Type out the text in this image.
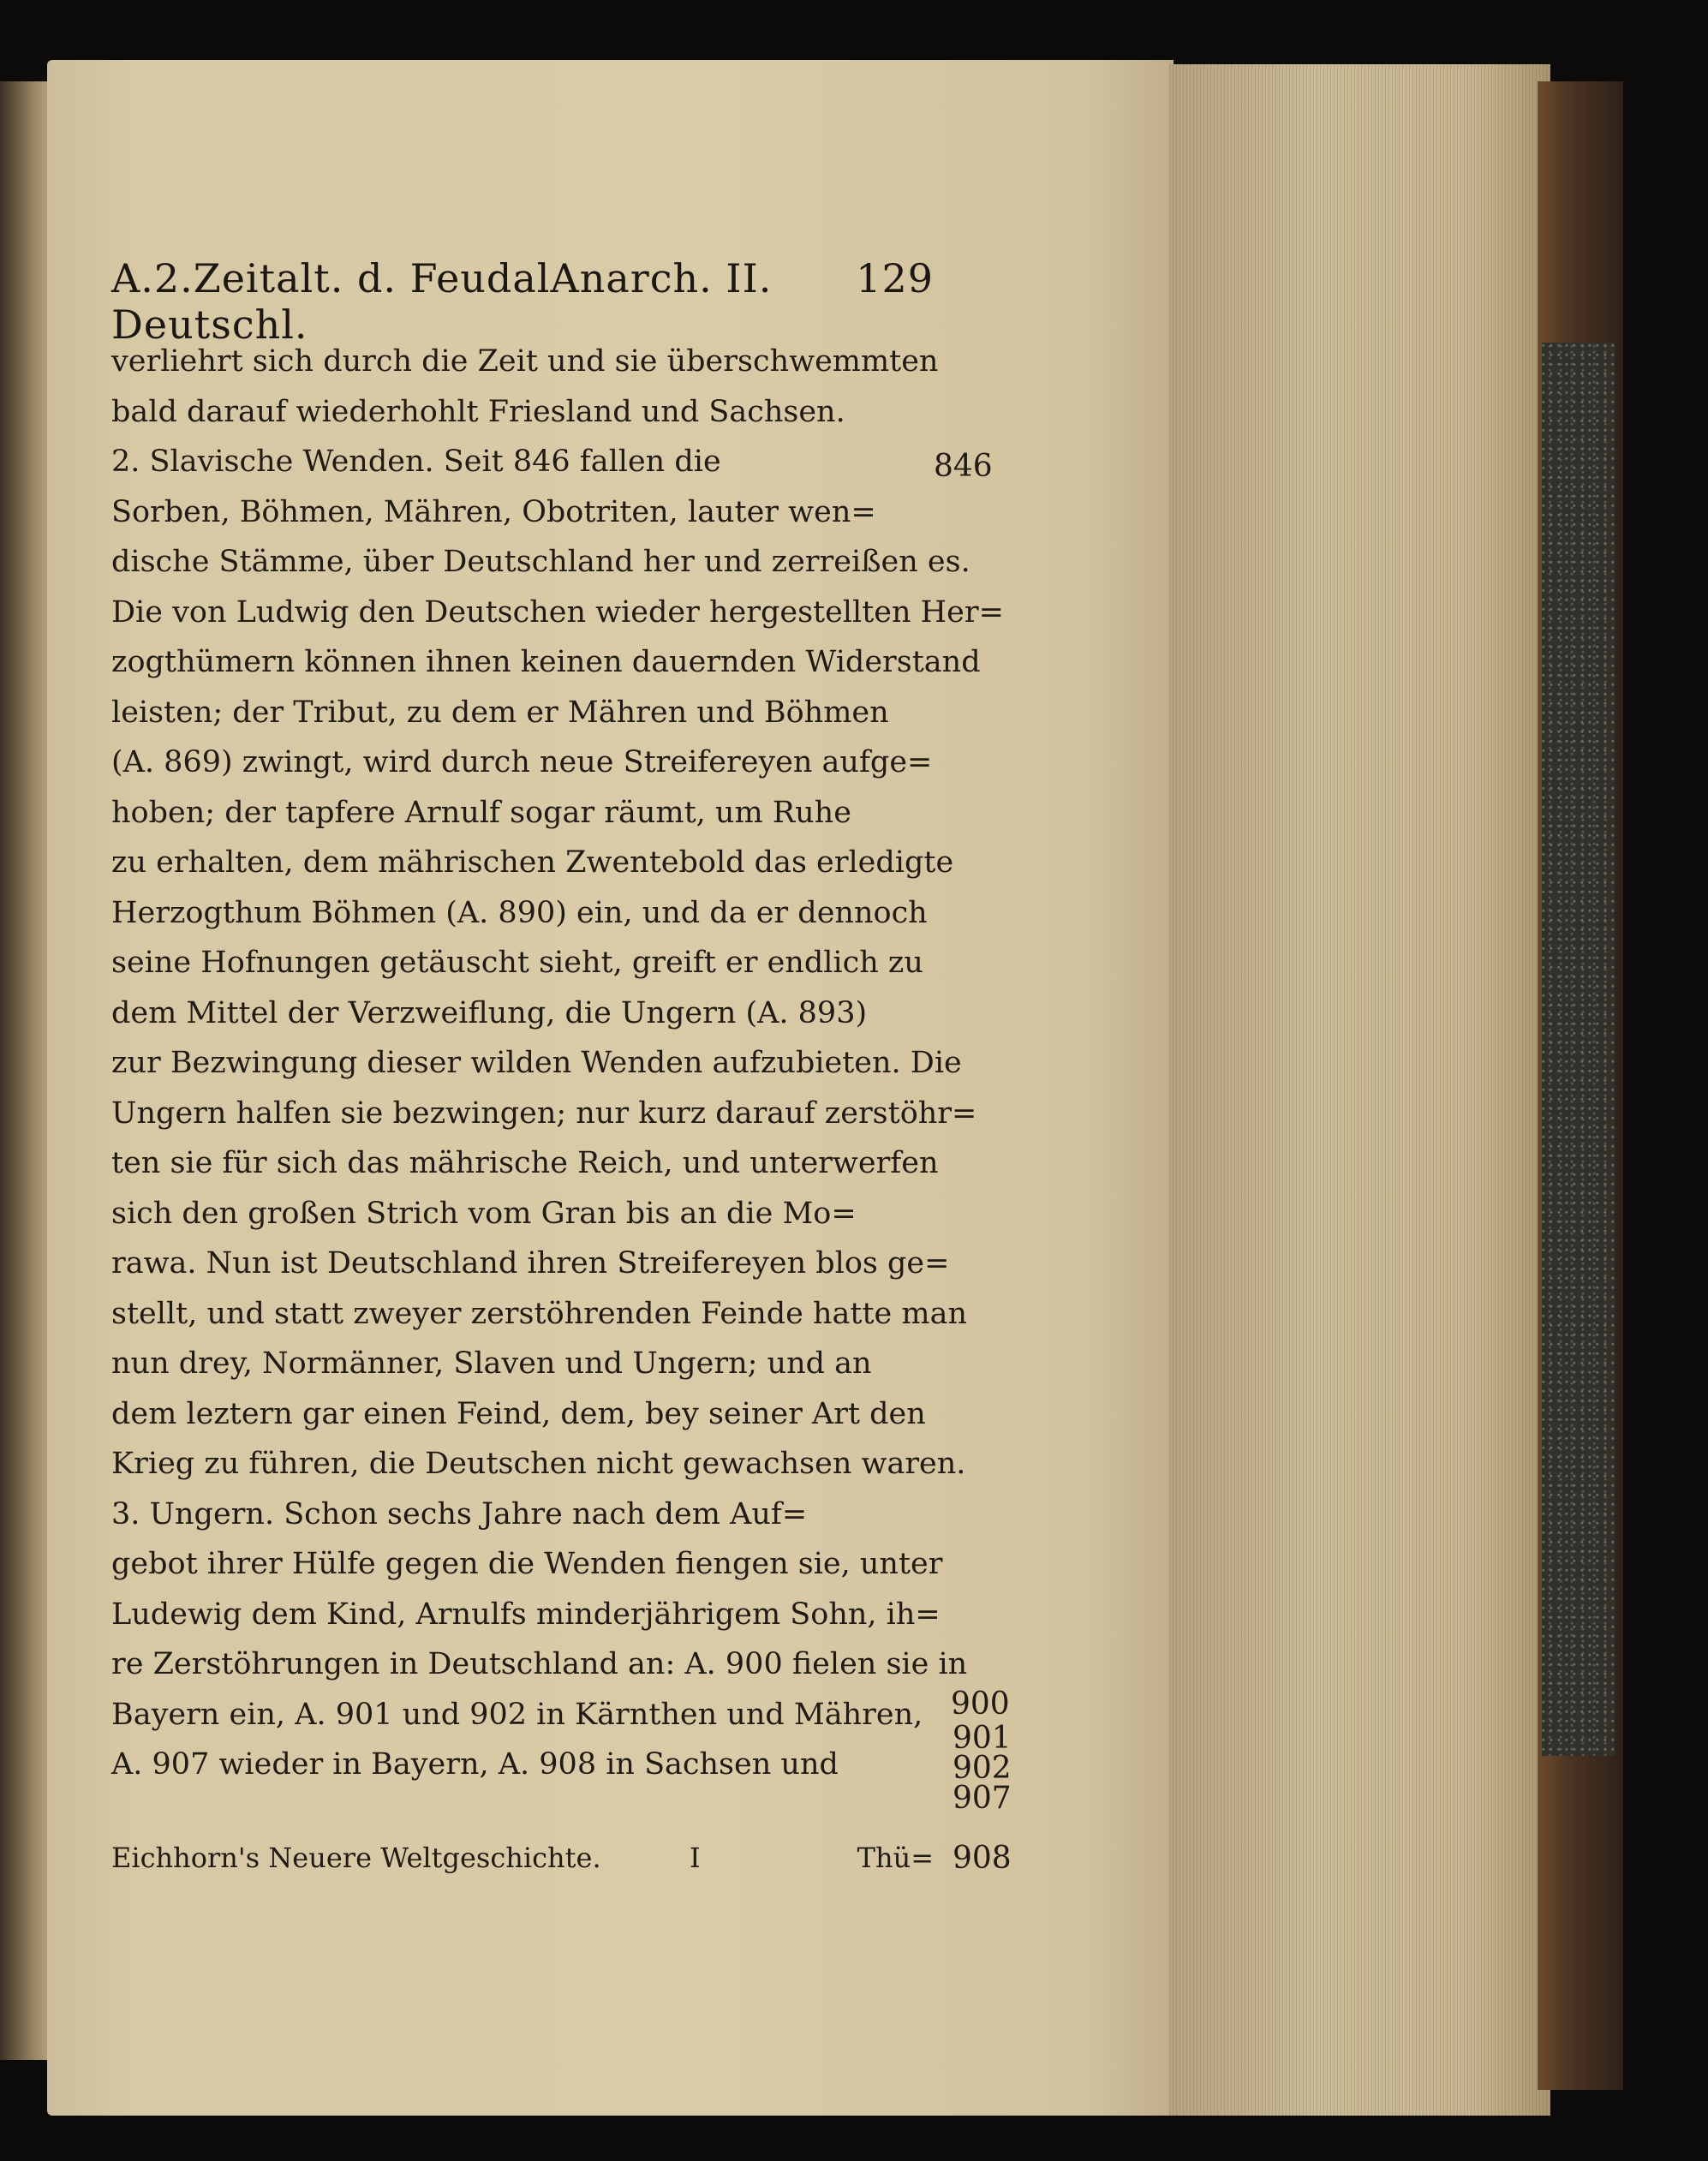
A.2.Zeitalt. d. FeudalAnarch. II. Deutschl.
129
verliehrt sich durch die Zeit und sie überschwemmten
bald darauf wiederhohlt Friesland und Sachsen.
2. Slavische Wenden. Seit 846 fallen die
Sorben, Böhmen, Mähren, Obotriten, lauter wen=
dische Stämme, über Deutschland her und zerreißen es.
Die von Ludwig den Deutschen wieder hergestellten Her=
zogthümern können ihnen keinen dauernden Widerstand
leisten; der Tribut, zu dem er Mähren und Böhmen
(A. 869) zwingt, wird durch neue Streifereyen aufge=
hoben; der tapfere Arnulf sogar räumt, um Ruhe
zu erhalten, dem mährischen Zwentebold das erledigte
Herzogthum Böhmen (A. 890) ein, und da er dennoch
seine Hofnungen getäuscht sieht, greift er endlich zu
dem Mittel der Verzweiflung, die Ungern (A. 893)
zur Bezwingung dieser wilden Wenden aufzubieten. Die
Ungern halfen sie bezwingen; nur kurz darauf zerstöhr=
ten sie für sich das mährische Reich, und unterwerfen
sich den großen Strich vom Gran bis an die Mo=
rawa. Nun ist Deutschland ihren Streifereyen blos ge=
stellt, und statt zweyer zerstöhrenden Feinde hatte man
nun drey, Normänner, Slaven und Ungern; und an
dem leztern gar einen Feind, dem, bey seiner Art den
Krieg zu führen, die Deutschen nicht gewachsen waren.
3. Ungern. Schon sechs Jahre nach dem Auf=
gebot ihrer Hülfe gegen die Wenden fiengen sie, unter
Ludewig dem Kind, Arnulfs minderjährigem Sohn, ih=
re Zerstöhrungen in Deutschland an: A. 900 fielen sie in
Bayern ein, A. 901 und 902 in Kärnthen und Mähren,
A. 907 wieder in Bayern, A. 908 in Sachsen und
846
900
901
902
907
908
Eichhorn's Neuere Weltgeschichte.	I	Thü=
